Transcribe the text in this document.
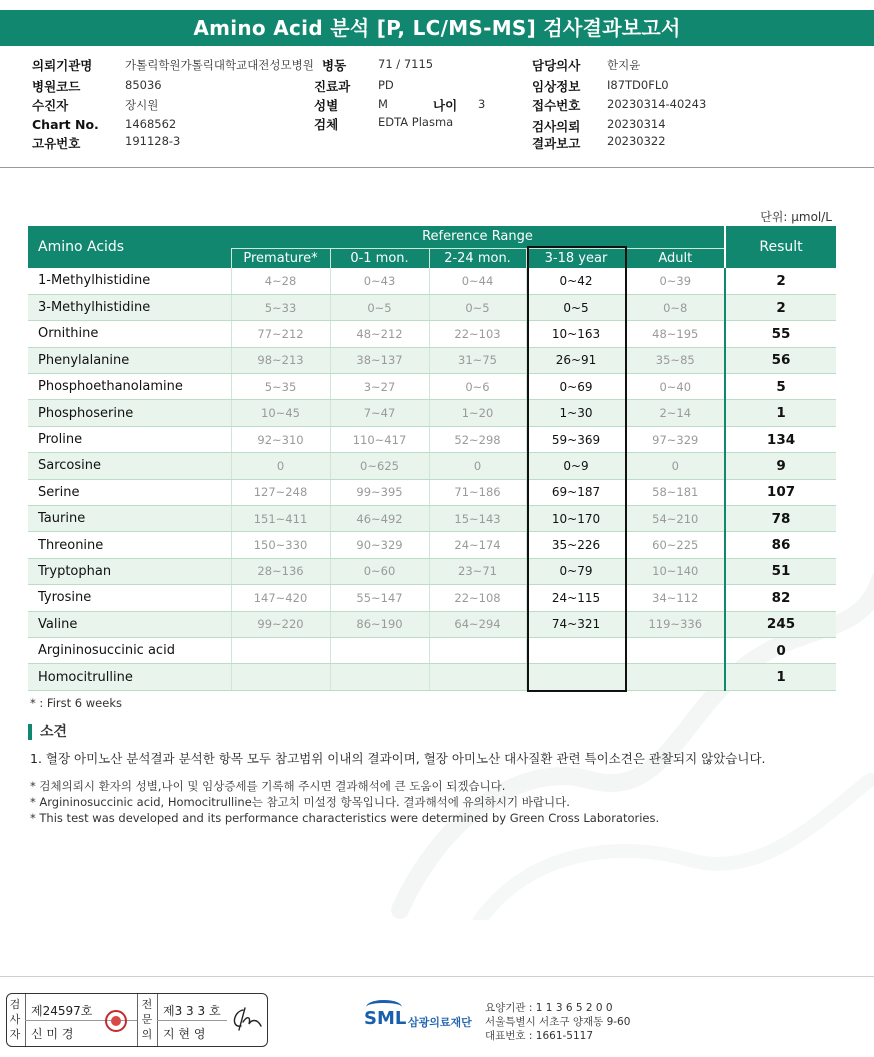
Amino Acid 분석 [P, LC/MS-MS] 검사결과보고서
의뢰기관명	가톨릭학원가톨릭대학교대전성모병원 병동	71 / 7115	담당의사 한지윤
병원코드	85036	진료과 PD	임상정보 I87TD0FL0
수진자	장시원	성별	M	나이 3	접수번호 20230314-40243
Chart No. 1468562	검체	EDTA Plasma	검사의뢰 20230314
고유번호	191128-3	결과보고 20230322
단위: μmol/L
Amino Acids	Reference Range					Result
	Premature*	0-1 mon.	2-24 mon.	3-18 year	Adult	
1-Methylhistidine	4~28	0~43	0~44	0~42	0~39	2
3-Methylhistidine	5~33	0~5	0~5	0~5	0~8	2
Ornithine	77~212	48~212	22~103	10~163	48~195	55
Phenylalanine	98~213	38~137	31~75	26~91	35~85	56
Phosphoethanolamine	5~35	3~27	0~6	0~69	0~40	5
Phosphoserine	10~45	7~47	1~20	1~30	2~14	1
Proline	92~310	110~417	52~298	59~369	97~329	134
Sarcosine	0	0~625	0	0~9	0	9
Serine	127~248	99~395	71~186	69~187	58~181	107
Taurine	151~411	46~492	15~143	10~170	54~210	78
Threonine	150~330	90~329	24~174	35~226	60~225	86
Tryptophan	28~136	0~60	23~71	0~79	10~140	51
Tyrosine	147~420	55~147	22~108	24~115	34~112	82
Valine	99~220	86~190	64~294	74~321	119~336	245
Argininosuccinic acid						0
Homocitrulline						1
* : First 6 weeks
소견
1. 혈장 아미노산 분석결과 분석한 항목 모두 참고범위 이내의 결과이며, 혈장 아미노산 대사질환 관련 특이소견은 관찰되지 않았습니다.
* 검체의뢰시 환자의 성별,나이 및 임상증세를 기록해 주시면 결과해석에 큰 도움이 되겠습니다.
* Argininosuccinic acid, Homocitrulline는 참고치 미설정 항목입니다. 결과해석에 유의하시기 바랍니다.
* This test was developed and its performance characteristics were determined by Green Cross Laboratories.
검사자
제24597호
신 미 경
전문의
제3 3 3 호
지 현 영
SML 삼광의료재단
요양기관 : 1 1 3 6 5 2 0 0
서울특별시 서초구 양재동 9-60
대표번호 : 1661-5117
